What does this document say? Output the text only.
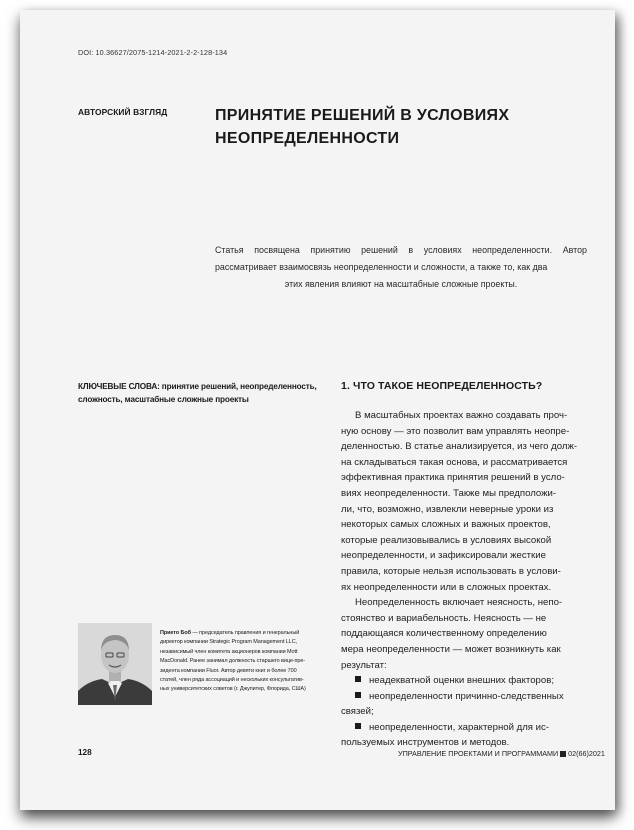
DOI: 10.36627/2075-1214-2021-2-2-128-134
АВТОРСКИЙ ВЗГЛЯД	ПРИНЯТИЕ РЕШЕНИЙ В УСЛОВИЯХ
НЕОПРЕДЕЛЕННОСТИ
Статья посвящена принятию решений в условиях неопределенности. Автор рассматривает взаимосвязь неопределенности и сложности, а также то, как два
этих явления влияют на масштабные сложные проекты.
КЛЮЧЕВЫЕ СЛОВА: принятие решений, неопределенность,
сложность, масштабные сложные проекты
1. ЧТО ТАКОЕ НЕОПРЕДЕЛЕННОСТЬ?
В масштабных проектах важно создавать проч-
ную основу — это позволит вам управлять неопре-
деленностью. В статье анализируется, из чего долж-
на складываться такая основа, и рассматривается
эффективная практика принятия решений в усло-
виях неопределенности. Также мы предположи-
ли, что, возможно, извлекли неверные уроки из
некоторых самых сложных и важных проектов,
которые реализовывались в условиях высокой
неопределенности, и зафиксировали жесткие
правила, которые нельзя использовать в услови-
ях неопределенности или в сложных проектах.
Неопределенность включает неясность, непо-
стоянство и вариабельность. Неясность — не
поддающаяся количественному определению
мера неопределенности — может возникнуть как
результат:
неадекватной оценки внешних факторов;
неопределенности причинно-следственных
связей;
неопределенности, характерной для ис-
пользуемых инструментов и методов.
Прието Боб — председатель правления и генеральный
директор компании Strategic Program Management LLC,
независимый член комитета акционеров компании Mott
MacDonald. Ранее занимал должность старшего вице-пре-
зидента компании Fluor. Автор девяти книг и более 700
статей, член ряда ассоциаций и нескольких консультатив-
ных университетских советов (г. Джупитер, Флорида, США)
128	УПРАВЛЕНИЕ ПРОЕКТАМИ И ПРОГРАММАМИ 02(66)2021
